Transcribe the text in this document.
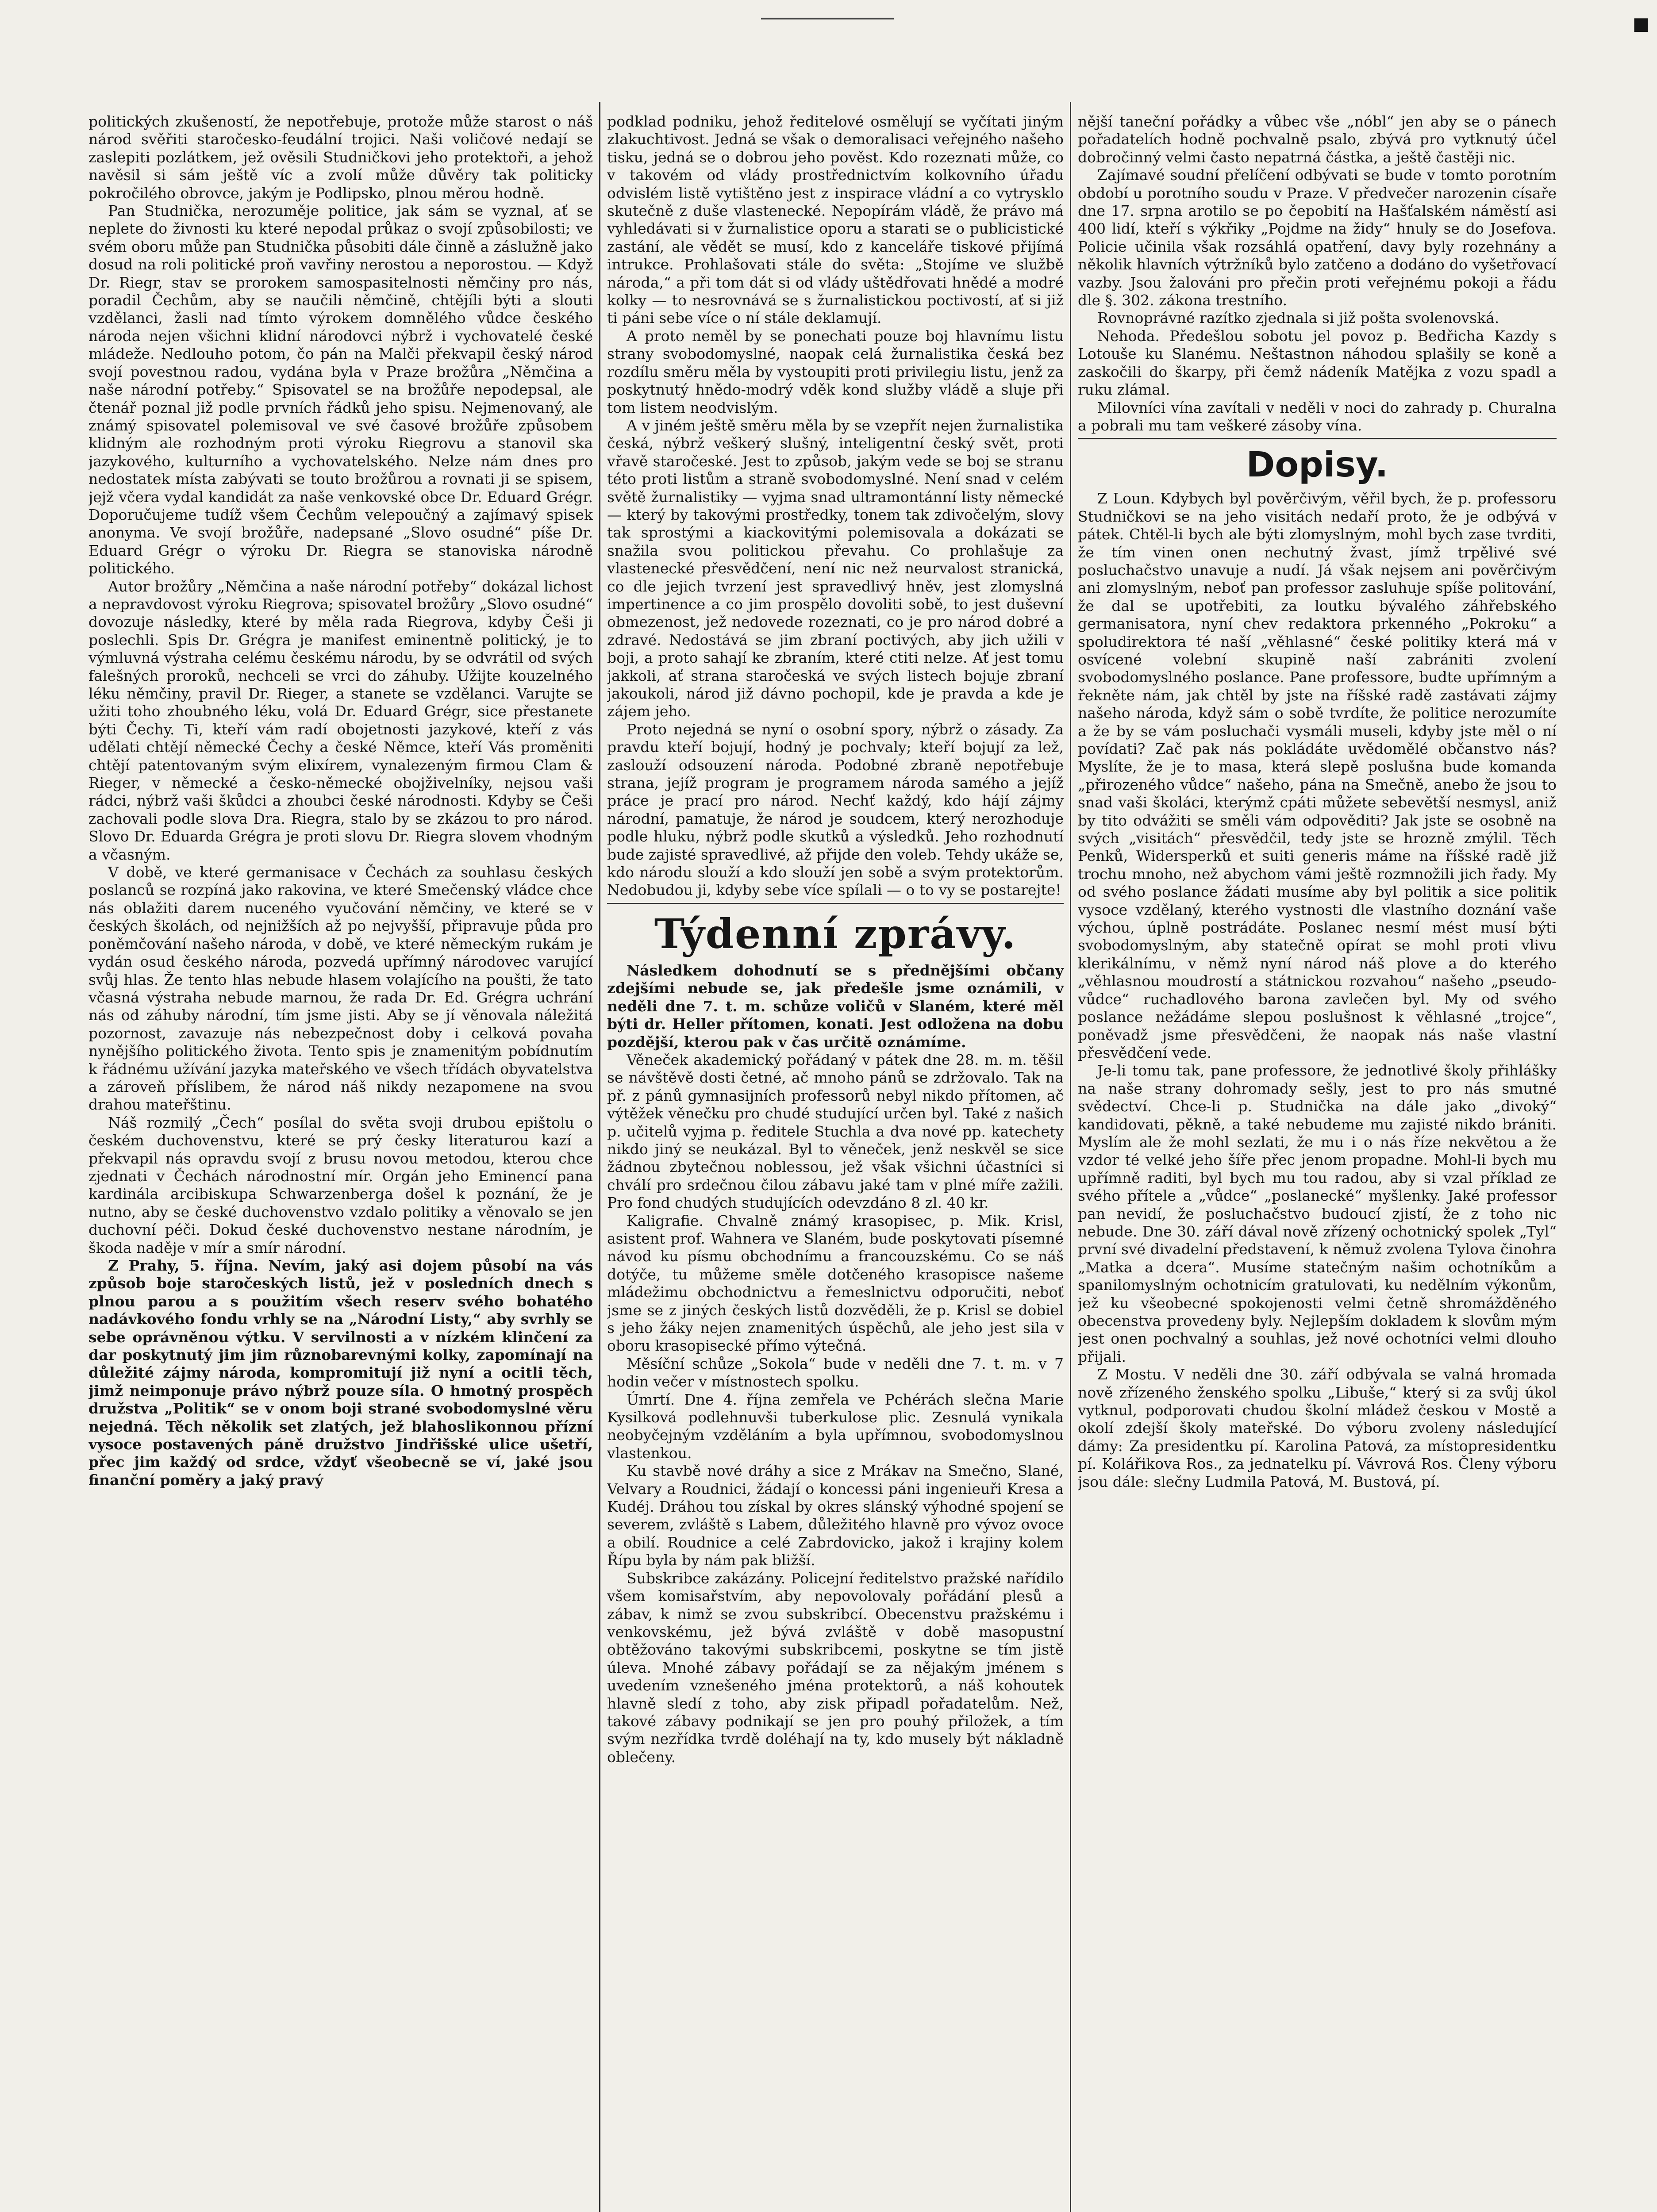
■

politických zkušeností, že nepotřebuje, protože může starost o náš národ svěřiti staročesko-feudální trojici. Naši voličové nedají se zaslepiti pozlátkem, jež ověsili Studničkovi jeho protektoři, a jehož navěsil si sám ještě víc a zvolí může důvěry tak politicky pokročilého obrovce, jakým je Podlipsko, plnou měrou hodně.

Pan Studnička, nerozuměje politice, jak sám se vyznal, ať se neplete do živnosti ku které nepodal průkaz o svojí způsobilosti; ve svém oboru může pan Studnička působiti dále činně a záslužně jako dosud na roli politické proň vavřiny nerostou a neporostou. — Když Dr. Riegr, stav se prorokem samospasitelnosti němčiny pro nás, poradil Čechům, aby se naučili němčině, chtějíli býti a slouti vzdělanci, žasli nad tímto výrokem domnělého vůdce českého národa nejen všichni klidní národovci nýbrž i vychovatelé české mládeže. Nedlouho potom, čo pán na Malči překvapil český národ svojí povestnou radou, vydána byla v Praze brožůra „Němčina a naše národní potřeby.“ Spisovatel se na brožůře nepodepsal, ale čtenář poznal již podle prvních řádků jeho spisu. Nejmenovaný, ale známý spisovatel polemisoval ve své časové brožůře způsobem klidným ale rozhodným proti výroku Riegrovu a stanovil ska jazykového, kulturního a vychovatelského. Nelze nám dnes pro nedostatek místa zabývati se touto brožůrou a rovnati ji se spisem, jejž včera vydal kandidát za naše venkovské obce Dr. Eduard Grégr. Doporučujeme tudíž všem Čechům velepoučný a zajímavý spisek anonyma. Ve svojí brožůře, nadepsané „Slovo osudné“ píše Dr. Eduard Grégr o výroku Dr. Riegra se stanoviska národně politického.

Autor brožůry „Němčina a naše národní potřeby“ dokázal lichost a nepravdovost výroku Riegrova; spisovatel brožůry „Slovo osudné“ dovozuje následky, které by měla rada Riegrova, kdyby Češi ji poslechli. Spis Dr. Grégra je manifest eminentně politický, je to výmluvná výstraha celému českému národu, by se odvrátil od svých falešných proroků, nechceli se vrci do záhuby. Užijte kouzelného léku němčiny, pravil Dr. Rieger, a stanete se vzdělanci. Varujte se užiti toho zhoubného léku, volá Dr. Eduard Grégr, sice přestanete býti Čechy. Ti, kteří vám radí obojetnosti jazykové, kteří z vás udělati chtějí německé Čechy a české Němce, kteří Vás proměniti chtějí patentovaným svým elixírem, vynalezeným firmou Clam & Rieger, v německé a česko-německé obojživelníky, nejsou vaši rádci, nýbrž vaši škůdci a zhoubci české národnosti. Kdyby se Češi zachovali podle slova Dra. Riegra, stalo by se zkázou to pro národ. Slovo Dr. Eduarda Grégra je proti slovu Dr. Riegra slovem vhodným a včasným.

V době, ve které germanisace v Čechách za souhlasu českých poslanců se rozpíná jako rakovina, ve které Smečenský vládce chce nás oblažiti darem nuceného vyučování němčiny, ve které se v českých školách, od nejnižších až po nejvyšší, připravuje půda pro poněmčování našeho národa, v době, ve které německým rukám je vydán osud českého národa, pozvedá upřímný národovec varující svůj hlas. Že tento hlas nebude hlasem volajícího na poušti, že tato včasná výstraha nebude marnou, že rada Dr. Ed. Grégra uchrání nás od záhuby národní, tím jsme jisti. Aby se jí věnovala náležitá pozornost, zavazuje nás nebezpečnost doby i celková povaha nynějšího politického života. Tento spis je znamenitým pobídnutím k řádnému užívání jazyka mateřského ve všech třídách obyvatelstva a zároveň příslibem, že národ náš nikdy nezapomene na svou drahou mateřštinu.

Náš rozmilý „Čech“ posílal do světa svoji drubou epištolu o českém duchovenstvu, které se prý česky literaturou kazí a překvapil nás opravdu svojí z brusu novou metodou, kterou chce zjednati v Čechách národnostní mír. Orgán jeho Eminencí pana kardinála arcibiskupa Schwarzenberga došel k poznání, že je nutno, aby se české duchovenstvo vzdalo politiky a věnovalo se jen duchovní péči. Dokud české duchovenstvo nestane národním, je škoda naděje v mír a smír národní.

Z Prahy, 5. října. Nevím, jaký asi dojem působí na vás způsob boje staročeských listů, jež v posledních dnech s plnou parou a s použitím všech reserv svého bohatého nadávkového fondu vrhly se na „Národní Listy,“ aby svrhly se sebe oprávněnou výtku. V servilnosti a v nízkém klinčení za dar poskytnutý jim jim různobarevnými kolky, zapomínají na důležité zájmy národa, kompromitují již nyní a ocitli těch, jimž neimponuje právo nýbrž pouze síla. O hmotný prospěch družstva „Politik“ se v onom boji strané svobodomyslné věru nejedná. Těch několik set zlatých, jež blahoslikonnou přízní vysoce postavených páně družstvo Jindřišské ulice ušetří, přec jim každý od srdce, vždyť všeobecně se ví, jaké jsou finanční poměry a jaký pravý

podklad podniku, jehož ředitelové osmělují se vyčítati jiným zlakuchtivost. Jedná se však o demoralisaci veřejného našeho tisku, jedná se o dobrou jeho pověst. Kdo rozeznati může, co v takovém od vlády prostřednictvím kolkovního úřadu odvislém listě vytištěno jest z inspirace vládní a co vytrysklo skutečně z duše vlastenecké. Nepopírám vládě, že právo má vyhledávati si v žurnalistice oporu a starati se o publicistické zastání, ale vědět se musí, kdo z kanceláře tiskové přijímá intrukce. Prohlašovati stále do světa: „Stojíme ve službě národa,“ a při tom dát si od vlády uštědřovati hnědé a modré kolky — to nesrovnává se s žurnalistickou poctivostí, ať si již ti páni sebe více o ní stále deklamují.

A proto neměl by se ponechati pouze boj hlavnímu listu strany svobodomyslné, naopak celá žurnalistika česká bez rozdílu směru měla by vystoupiti proti privilegiu listu, jenž za poskytnutý hnědo-modrý vděk kond služby vládě a sluje při tom listem neodvislým.

A v jiném ještě směru měla by se vzepřít nejen žurnalistika česká, nýbrž veškerý slušný, inteligentní český svět, proti vřavě staročeské. Jest to způsob, jakým vede se boj se stranu této proti listům a straně svobodomyslné. Není snad v celém světě žurnalistiky — vyjma snad ultramontánní listy německé — který by takovými prostředky, tonem tak zdivočelým, slovy tak sprostými a kiackovitými polemisovala a dokázati se snažila svou politickou převahu. Co prohlašuje za vlastenecké přesvědčení, není nic než neurvalost stranická, co dle jejich tvrzení jest spravedlivý hněv, jest zlomyslná impertinence a co jim prospělo dovoliti sobě, to jest duševní obmezenost, jež nedovede rozeznati, co je pro národ dobré a zdravé. Nedostává se jim zbraní poctivých, aby jich užili v boji, a proto sahají ke zbraním, které ctiti nelze. Ať jest tomu jakkoli, ať strana staročeská ve svých listech bojuje zbraní jakoukoli, národ již dávno pochopil, kde je pravda a kde je zájem jeho.

Proto nejedná se nyní o osobní spory, nýbrž o zásady. Za pravdu kteří bojují, hodný je pochvaly; kteří bojují za lež, zaslouží odsouzení národa. Podobné zbraně nepotřebuje strana, jejíž program je programem národa samého a jejíž práce je prací pro národ. Nechť každý, kdo hájí zájmy národní, pamatuje, že národ je soudcem, který nerozhoduje podle hluku, nýbrž podle skutků a výsledků. Jeho rozhodnutí bude zajisté spravedlivé, až přijde den voleb. Tehdy ukáže se, kdo národu slouží a kdo slouží jen sobě a svým protektorům. Nedobudou ji, kdyby sebe více spílali — o to vy se postarejte!

Týdenní zprávy.

Následkem dohodnutí se s přednějšími občany zdejšími nebude se, jak předešle jsme oznámili, v neděli dne 7. t. m. schůze voličů v Slaném, které měl býti dr. Heller přítomen, konati. Jest odložena na dobu pozdější, kterou pak v čas určitě oznámíme.

Věneček akademický pořádaný v pátek dne 28. m. m. těšil se návštěvě dosti četné, ač mnoho pánů se zdržovalo. Tak na př. z pánů gymnasijních professorů nebyl nikdo přítomen, ač výtěžek věnečku pro chudé studující určen byl. Také z našich p. učitelů vyjma p. ředitele Stuchla a dva nové pp. katechety nikdo jiný se neukázal. Byl to věneček, jenž neskvěl se sice žádnou zbytečnou noblessou, jež však všichni účastníci si chválí pro srdečnou čilou zábavu jaké tam v plné míře zažili. Pro fond chudých studujících odevzdáno 8 zl. 40 kr.

Kaligrafie. Chvalně známý krasopisec, p. Mik. Krisl, asistent prof. Wahnera ve Slaném, bude poskytovati písemné návod ku písmu obchodnímu a francouzskému. Co se náš dotýče, tu můžeme směle dotčeného krasopisce našeme mládežimu obchodnictvu a řemeslnictvu odporučiti, neboť jsme se z jiných českých listů dozvěděli, že p. Krisl se dobiel s jeho žáky nejen znamenitých úspěchů, ale jeho jest sila v oboru krasopisecké přímo výtečná.

Měsíční schůze „Sokola“ bude v neděli dne 7. t. m. v 7 hodin večer v místnostech spolku.

Úmrtí. Dne 4. října zemřela ve Pchérách slečna Marie Kysilková podlehnuvši tuberkulose plic. Zesnulá vynikala neobyčejným vzděláním a byla upřímnou, svobodomyslnou vlastenkou.

Ku stavbě nové dráhy a sice z Mrákav na Smečno, Slané, Velvary a Roudnici, žádají o koncessi páni ingenieuři Kresa a Kudéj. Dráhou tou získal by okres slánský výhodné spojení se severem, zvláště s Labem, důležitého hlavně pro vývoz ovoce a obilí. Roudnice a celé Zabrdovicko, jakož i krajiny kolem Řípu byla by nám pak bližší.

Subskribce zakázány. Policejní ředitelstvo pražské nařídilo všem komisařstvím, aby nepovolovaly pořádání plesů a zábav, k nimž se zvou subskribcí. Obecenstvu pražskému i venkovskému, jež bývá zvláště v době masopustní obtěžováno takovými subskribcemi, poskytne se tím jistě úleva. Mnohé zábavy pořádají se za nějakým jménem s uvedením vznešeného jména protektorů, a náš kohoutek hlavně sledí z toho, aby zisk připadl pořadatelům. Než, takové zábavy podnikají se jen pro pouhý přiložek, a tím svým nezřídka tvrdě doléhají na ty, kdo musely být nákladně oblečeny.

nější taneční pořádky a vůbec vše „nóbl“ jen aby se o pánech pořadatelích hodně pochvalně psalo, zbývá pro vytknutý účel dobročinný velmi často nepatrná částka, a ještě častěji nic.

Zajímavé soudní přelíčení odbývati se bude v tomto porotním období u porotního soudu v Praze. V předvečer narozenin císaře dne 17. srpna arotilo se po čepobití na Hašťalském náměstí asi 400 lidí, kteří s výkřiky „Pojdme na židy“ hnuly se do Josefova. Policie učinila však rozsáhlá opatření, davy byly rozehnány a několik hlavních výtržníků bylo zatčeno a dodáno do vyšetřovací vazby. Jsou žalováni pro přečin proti veřejnému pokoji a řádu dle §. 302. zákona trestního.

Rovnoprávné razítko zjednala si již pošta svolenovská.

Nehoda. Předešlou sobotu jel povoz p. Bedřicha Kazdy s Lotouše ku Slanému. Neštastnon náhodou splašily se koně a zaskočili do škarpy, při čemž nádeník Matějka z vozu spadl a ruku zlámal.

Milovníci vína zavítali v neděli v noci do zahrady p. Churalna a pobrali mu tam veškeré zásoby vína.

Dopisy.

Z Loun. Kdybych byl pověrčivým, věřil bych, že p. professoru Studničkovi se na jeho visitách nedaří proto, že je odbývá v pátek. Chtěl-li bych ale býti zlomyslným, mohl bych zase tvrditi, že tím vinen onen nechutný žvast, jímž trpělivé své posluchačstvo unavuje a nudí. Já však nejsem ani pověrčivým ani zlomyslným, neboť pan professor zasluhuje spíše politování, že dal se upotřebiti, za loutku bývalého záhřebského germanisatora, nyní chev redaktora prkenného „Pokroku“ a spoludirektora té naší „věhlasné“ české politiky která má v osvícené volební skupině naší zabrániti zvolení svobodomyslného poslance. Pane professore, budte upřímným a řekněte nám, jak chtěl by jste na říšské radě zastávati zájmy našeho národa, když sám o sobě tvrdíte, že politice nerozumíte a že by se vám posluchači vysmáli museli, kdyby jste měl o ní povídati? Zač pak nás pokládáte uvědomělé občanstvo nás? Myslíte, že je to masa, která slepě poslušna bude komanda „přirozeného vůdce“ našeho, pána na Smečně, anebo že jsou to snad vaši školáci, kterýmž cpáti můžete sebevětší nesmysl, aniž by tito odvážiti se směli vám odpověditi? Jak jste se osobně na svých „visitách“ přesvědčil, tedy jste se hrozně zmýlil. Těch Penků, Widersperků et suiti generis máme na říšské radě již trochu mnoho, než abychom vámi ještě rozmnožili jich řady. My od svého poslance žádati musíme aby byl politik a sice politik vysoce vzdělaný, kterého vystnosti dle vlastního doznání vaše výchou, úplně postrádáte. Poslanec nesmí mést musí býti svobodomyslným, aby statečně opírat se mohl proti vlivu klerikálnímu, v němž nyní národ náš plove a do kterého „věhlasnou moudrostí a státnickou rozvahou“ našeho „pseudo-vůdce“ ruchadlového barona zavlečen byl. My od svého poslance nežádáme slepou poslušnost k věhlasné „trojce“, poněvadž jsme přesvědčeni, že naopak nás naše vlastní přesvědčení vede.

Je-li tomu tak, pane professore, že jednotlivé školy přihlášky na naše strany dohromady sešly, jest to pro nás smutné svědectví. Chce-li p. Studnička na dále jako „divoký“ kandidovati, pěkně, a také nebudeme mu zajisté nikdo brániti. Myslím ale že mohl sezlati, že mu i o nás říze nekvětou a že vzdor té velké jeho šíře přec jenom propadne. Mohl-li bych mu upřímně raditi, byl bych mu tou radou, aby si vzal příklad ze svého přítele a „vůdce“ „poslanecké“ myšlenky. Jaké professor pan nevidí, že posluchačstvo budoucí zjistí, že z toho nic nebude. Dne 30. září dával nově zřízený ochotnický spolek „Tyl“ první své divadelní představení, k němuž zvolena Tylova činohra „Matka a dcera“. Musíme statečným našim ochotníkům a spanilomyslným ochotnicím gratulovati, ku nedělním výkonům, jež ku všeobecné spokojenosti velmi četně shromážděného obecenstva provedeny byly. Nejlepším dokladem k slovům mým jest onen pochvalný a souhlas, jež nové ochotníci velmi dlouho přijali.

Z Mostu. V neděli dne 30. září odbývala se valná hromada nově zřízeného ženského spolku „Libuše,“ který si za svůj úkol vytknul, podporovati chudou školní mládež českou v Mostě a okolí zdejší školy mateřské. Do výboru zvoleny následující dámy: Za presidentku pí. Karolina Patová, za místopresidentku pí. Kolářikova Ros., za jednatelku pí. Vávrová Ros. Členy výboru jsou dále: slečny Ludmila Patová, M. Bustová, pí.
